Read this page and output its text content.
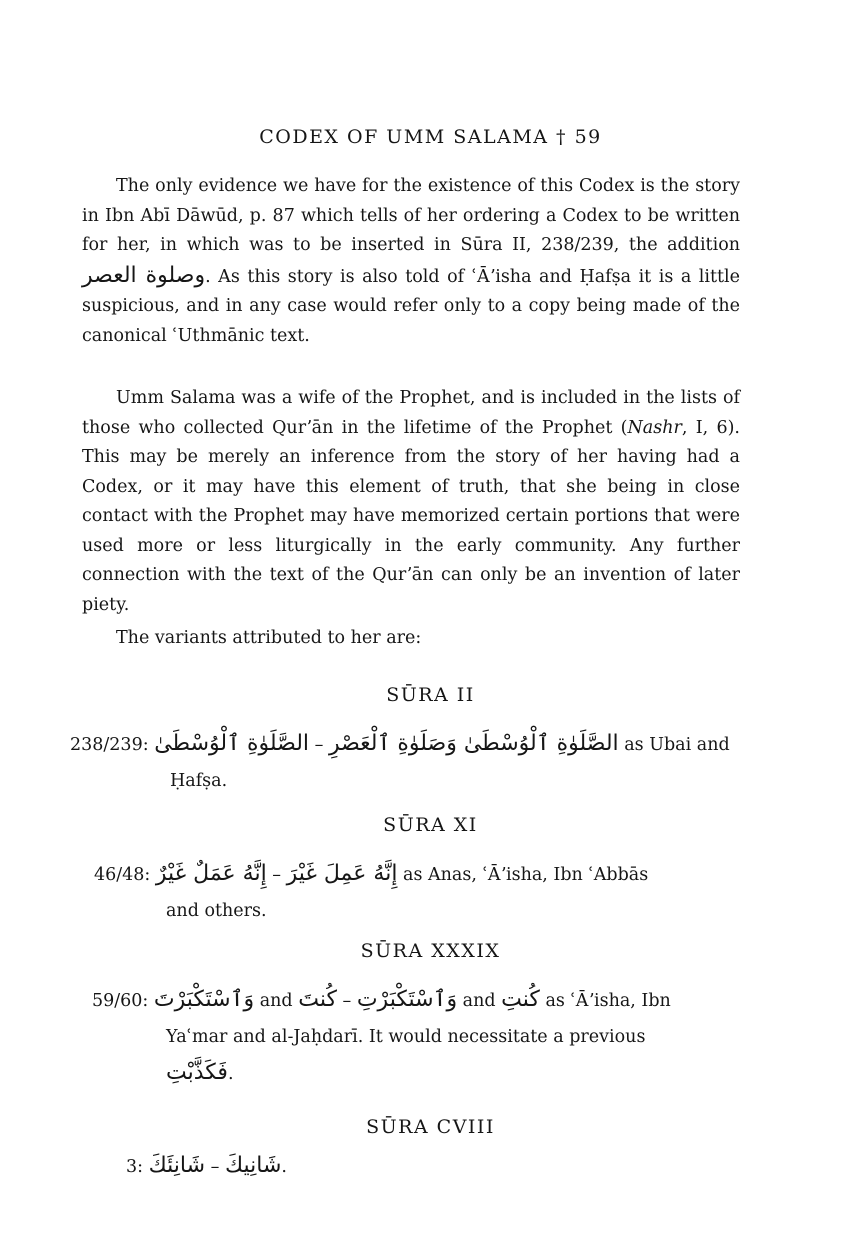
CODEX OF UMM SALAMA † 59

The only evidence we have for the existence of this Codex is the story in Ibn Abī Dāwūd, p. 87 which tells of her ordering a Codex to be written for her, in which was to be inserted in Sūra II, 238/239, the addition وصلوة العصر. As this story is also told of ʿĀʼisha and Ḥafṣa it is a little suspicious, and in any case would refer only to a copy being made of the canonical ʿUthmānic text.

Umm Salama was a wife of the Prophet, and is included in the lists of those who collected Qurʼān in the lifetime of the Prophet (Nashr, I, 6). This may be merely an inference from the story of her having had a Codex, or it may have this element of truth, that she being in close contact with the Prophet may have memorized certain portions that were used more or less liturgically in the early community. Any further connection with the text of the Qurʼān can only be an invention of later piety.

The variants attributed to her are:

SŪRA II
238/239: الصَّلَوٰةِ ٱلْوُسْطَىٰ – الصَّلَوٰةِ ٱلْوُسْطَىٰ وَصَلَوٰةِ ٱلْعَصْرِ as Ubai and
Ḥafṣa.
SŪRA XI
46/48: إِنَّهُ عَمَلٌ غَيْرٌ – إِنَّهُ عَمِلَ غَيْرَ as Anas, ʿĀʼisha, Ibn ʿAbbās
and others.
SŪRA XXXIX
59/60: وَٱسْتَكْبَرْتَ and كُنتَ – وَٱسْتَكْبَرْتِ and كُنتِ as ʿĀʼisha, Ibn
Yaʿmar and al-Jaḥdarī. It would necessitate a previous
فَكَذَّبْتِ.
SŪRA CVIII
3: شَانِئَكَ – شَانِيكَ.
